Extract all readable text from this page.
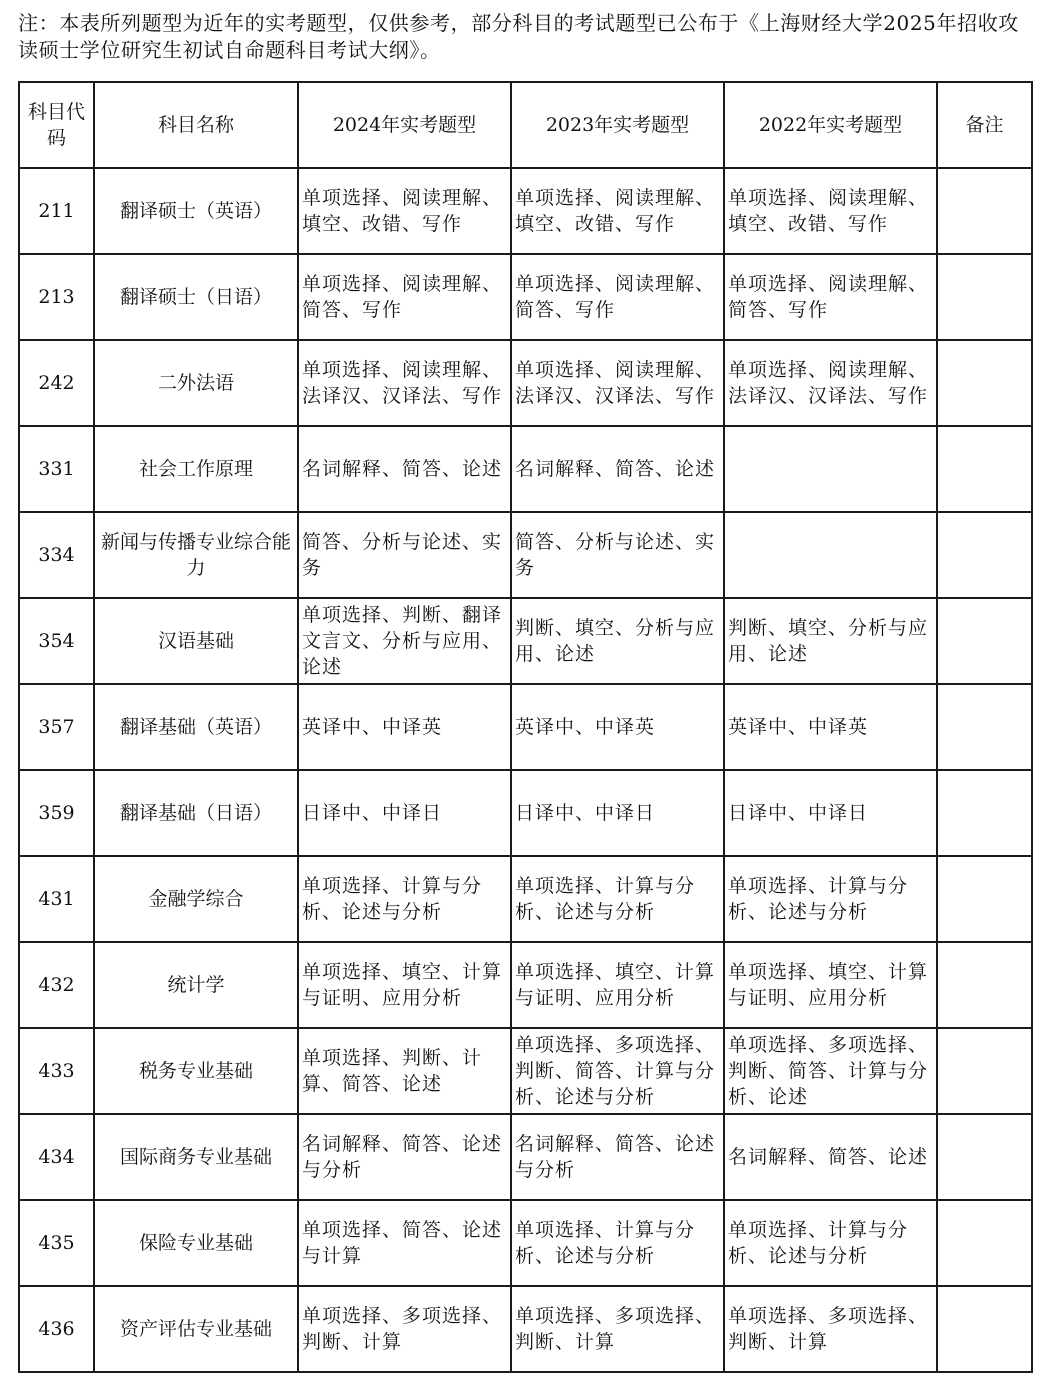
注：本表所列题型为近年的实考题型，仅供参考，部分科目的考试题型已公布于《上海财经大学2025年招收攻读硕士学位研究生初试自命题科目考试大纲》。
科目代码	科目名称	2024年实考题型	2023年实考题型	2022年实考题型	备注
211	翻译硕士（英语）	单项选择、阅读理解、填空、改错、写作	单项选择、阅读理解、填空、改错、写作	单项选择、阅读理解、填空、改错、写作	
213	翻译硕士（日语）	单项选择、阅读理解、简答、写作	单项选择、阅读理解、简答、写作	单项选择、阅读理解、简答、写作	
242	二外法语	单项选择、阅读理解、法译汉、汉译法、写作	单项选择、阅读理解、法译汉、汉译法、写作	单项选择、阅读理解、法译汉、汉译法、写作	
331	社会工作原理	名词解释、简答、论述	名词解释、简答、论述		
334	新闻与传播专业综合能力	简答、分析与论述、实务	简答、分析与论述、实务		
354	汉语基础	单项选择、判断、翻译文言文、分析与应用、论述	判断、填空、分析与应用、论述	判断、填空、分析与应用、论述	
357	翻译基础（英语）	英译中、中译英	英译中、中译英	英译中、中译英	
359	翻译基础（日语）	日译中、中译日	日译中、中译日	日译中、中译日	
431	金融学综合	单项选择、计算与分析、论述与分析	单项选择、计算与分析、论述与分析	单项选择、计算与分析、论述与分析	
432	统计学	单项选择、填空、计算与证明、应用分析	单项选择、填空、计算与证明、应用分析	单项选择、填空、计算与证明、应用分析	
433	税务专业基础	单项选择、判断、计算、简答、论述	单项选择、多项选择、判断、简答、计算与分析、论述与分析	单项选择、多项选择、判断、简答、计算与分析、论述	
434	国际商务专业基础	名词解释、简答、论述与分析	名词解释、简答、论述与分析	名词解释、简答、论述	
435	保险专业基础	单项选择、简答、论述与计算	单项选择、计算与分析、论述与分析	单项选择、计算与分析、论述与分析	
436	资产评估专业基础	单项选择、多项选择、判断、计算	单项选择、多项选择、判断、计算	单项选择、多项选择、判断、计算	
